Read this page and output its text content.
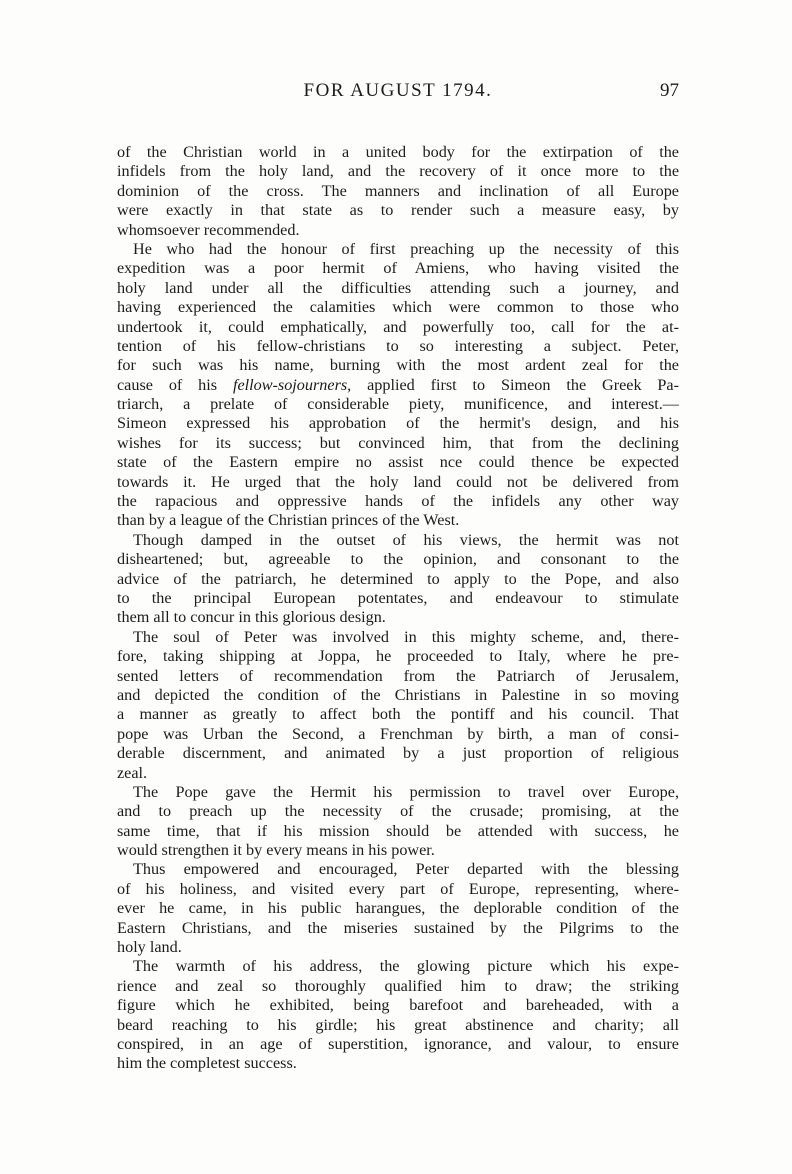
FOR AUGUST 1794.	97
of the Christian world in a united body for the extirpation of the
infidels from the holy land, and the recovery of it once more to the
dominion of the cross. The manners and inclination of all Europe
were exactly in that state as to render such a measure easy, by
whomsoever recommended.
He who had the honour of first preaching up the necessity of this
expedition was a poor hermit of Amiens, who having visited the
holy land under all the difficulties attending such a journey, and
having experienced the calamities which were common to those who
undertook it, could emphatically, and powerfully too, call for the at-
tention of his fellow-christians to so interesting a subject. Peter,
for such was his name, burning with the most ardent zeal for the
cause of his fellow-sojourners, applied first to Simeon the Greek Pa-
triarch, a prelate of considerable piety, munificence, and interest.—
Simeon expressed his approbation of the hermit's design, and his
wishes for its success; but convinced him, that from the declining
state of the Eastern empire no assist nce could thence be expected
towards it. He urged that the holy land could not be delivered from
the rapacious and oppressive hands of the infidels any other way
than by a league of the Christian princes of the West.
Though damped in the outset of his views, the hermit was not
disheartened; but, agreeable to the opinion, and consonant to the
advice of the patriarch, he determined to apply to the Pope, and also
to the principal European potentates, and endeavour to stimulate
them all to concur in this glorious design.
The soul of Peter was involved in this mighty scheme, and, there-
fore, taking shipping at Joppa, he proceeded to Italy, where he pre-
sented letters of recommendation from the Patriarch of Jerusalem,
and depicted the condition of the Christians in Palestine in so moving
a manner as greatly to affect both the pontiff and his council. That
pope was Urban the Second, a Frenchman by birth, a man of consi-
derable discernment, and animated by a just proportion of religious
zeal.
The Pope gave the Hermit his permission to travel over Europe,
and to preach up the necessity of the crusade; promising, at the
same time, that if his mission should be attended with success, he
would strengthen it by every means in his power.
Thus empowered and encouraged, Peter departed with the blessing
of his holiness, and visited every part of Europe, representing, where-
ever he came, in his public harangues, the deplorable condition of the
Eastern Christians, and the miseries sustained by the Pilgrims to the
holy land.
The warmth of his address, the glowing picture which his expe-
rience and zeal so thoroughly qualified him to draw; the striking
figure which he exhibited, being barefoot and bareheaded, with a
beard reaching to his girdle; his great abstinence and charity; all
conspired, in an age of superstition, ignorance, and valour, to ensure
him the completest success.
